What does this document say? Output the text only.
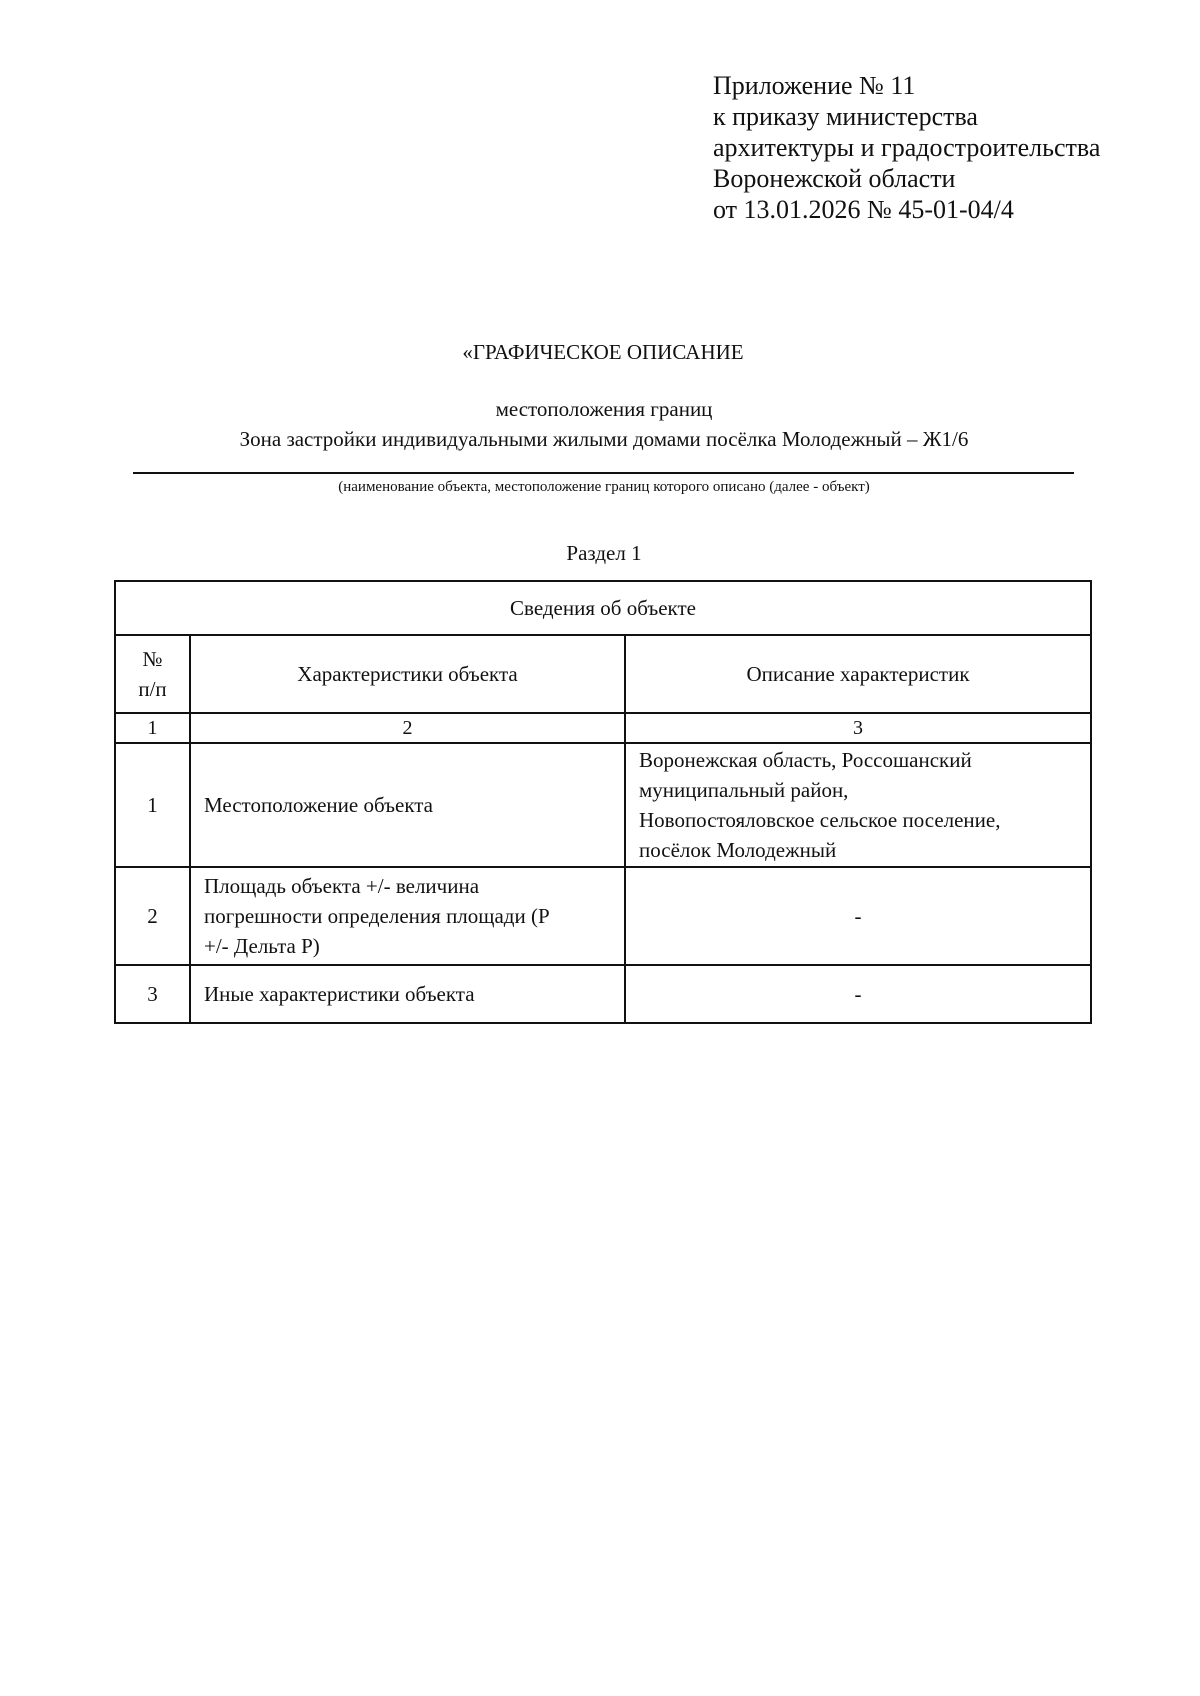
Приложение № 11
к приказу министерства
архитектуры и градостроительства
Воронежской области
от 13.01.2026 № 45-01-04/4
«ГРАФИЧЕСКОЕ ОПИСАНИЕ
местоположения границ
Зона застройки индивидуальными жилыми домами посёлка Молодежный – Ж1/6
(наименование объекта, местоположение границ которого описано (далее - объект)
Раздел 1
Сведения об объекте		

№
п/п	Характеристики объекта	Описание характеристик
1	2	3
1	Местоположение объекта	Воронежская область, Россошанский
муниципальный район,
Новопостояловское сельское поселение,
посёлок Молодежный

2	Площадь объекта +/- величина
погрешности определения площади (Р
+/- Дельта Р)	-
3	Иные характеристики объекта	-
